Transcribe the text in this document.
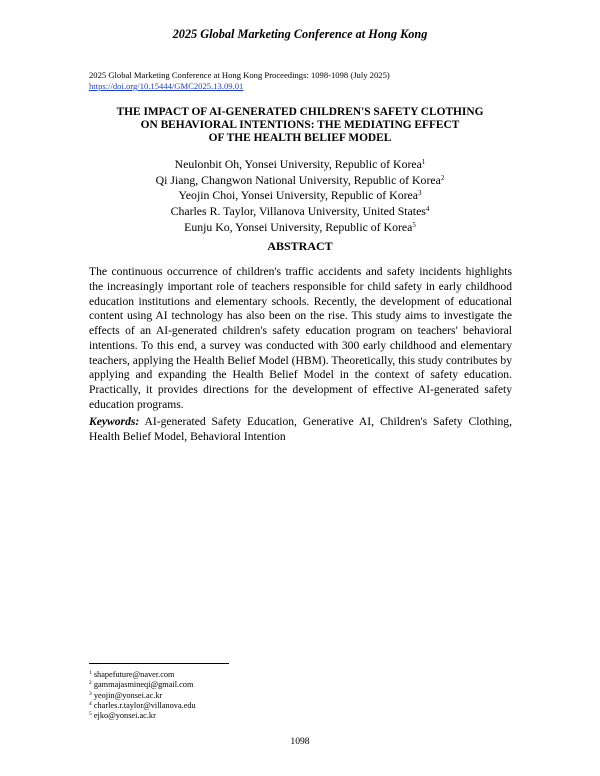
2025 Global Marketing Conference at Hong Kong
2025 Global Marketing Conference at Hong Kong Proceedings: 1098-1098 (July 2025)
https://doi.org/10.15444/GMC2025.13.09.01
THE IMPACT OF AI-GENERATED CHILDREN'S SAFETY CLOTHING
ON BEHAVIORAL INTENTIONS: THE MEDIATING EFFECT
OF THE HEALTH BELIEF MODEL
Neulonbit Oh, Yonsei University, Republic of Korea$^1$
Qi Jiang, Changwon National University, Republic of Korea$^2$
Yeojin Choi, Yonsei University, Republic of Korea$^3$
Charles R. Taylor, Villanova University, United States$^4$
Eunju Ko, Yonsei University, Republic of Korea$^5$
ABSTRACT
The continuous occurrence of children's traffic accidents and safety incidents highlights the increasingly important role of teachers responsible for child safety in early childhood education institutions and elementary schools. Recently, the development of educational content using AI technology has also been on the rise. This study aims to investigate the effects of an AI-generated children's safety education program on teachers' behavioral intentions. To this end, a survey was conducted with 300 early childhood and elementary teachers, applying the Health Belief Model (HBM). Theoretically, this study contributes by applying and expanding the Health Belief Model in the context of safety education. Practically, it provides directions for the development of effective AI-generated safety education programs.
Keywords: AI-generated Safety Education, Generative AI, Children's Safety Clothing, Health Belief Model, Behavioral Intention
$^1$ shapefuture@naver.com
$^2$ gammajasmineqi@gmail.com
$^3$ yeojin@yonsei.ac.kr
$^4$ charles.r.taylor@villanova.edu
$^5$ ejko@yonsei.ac.kr
1098
